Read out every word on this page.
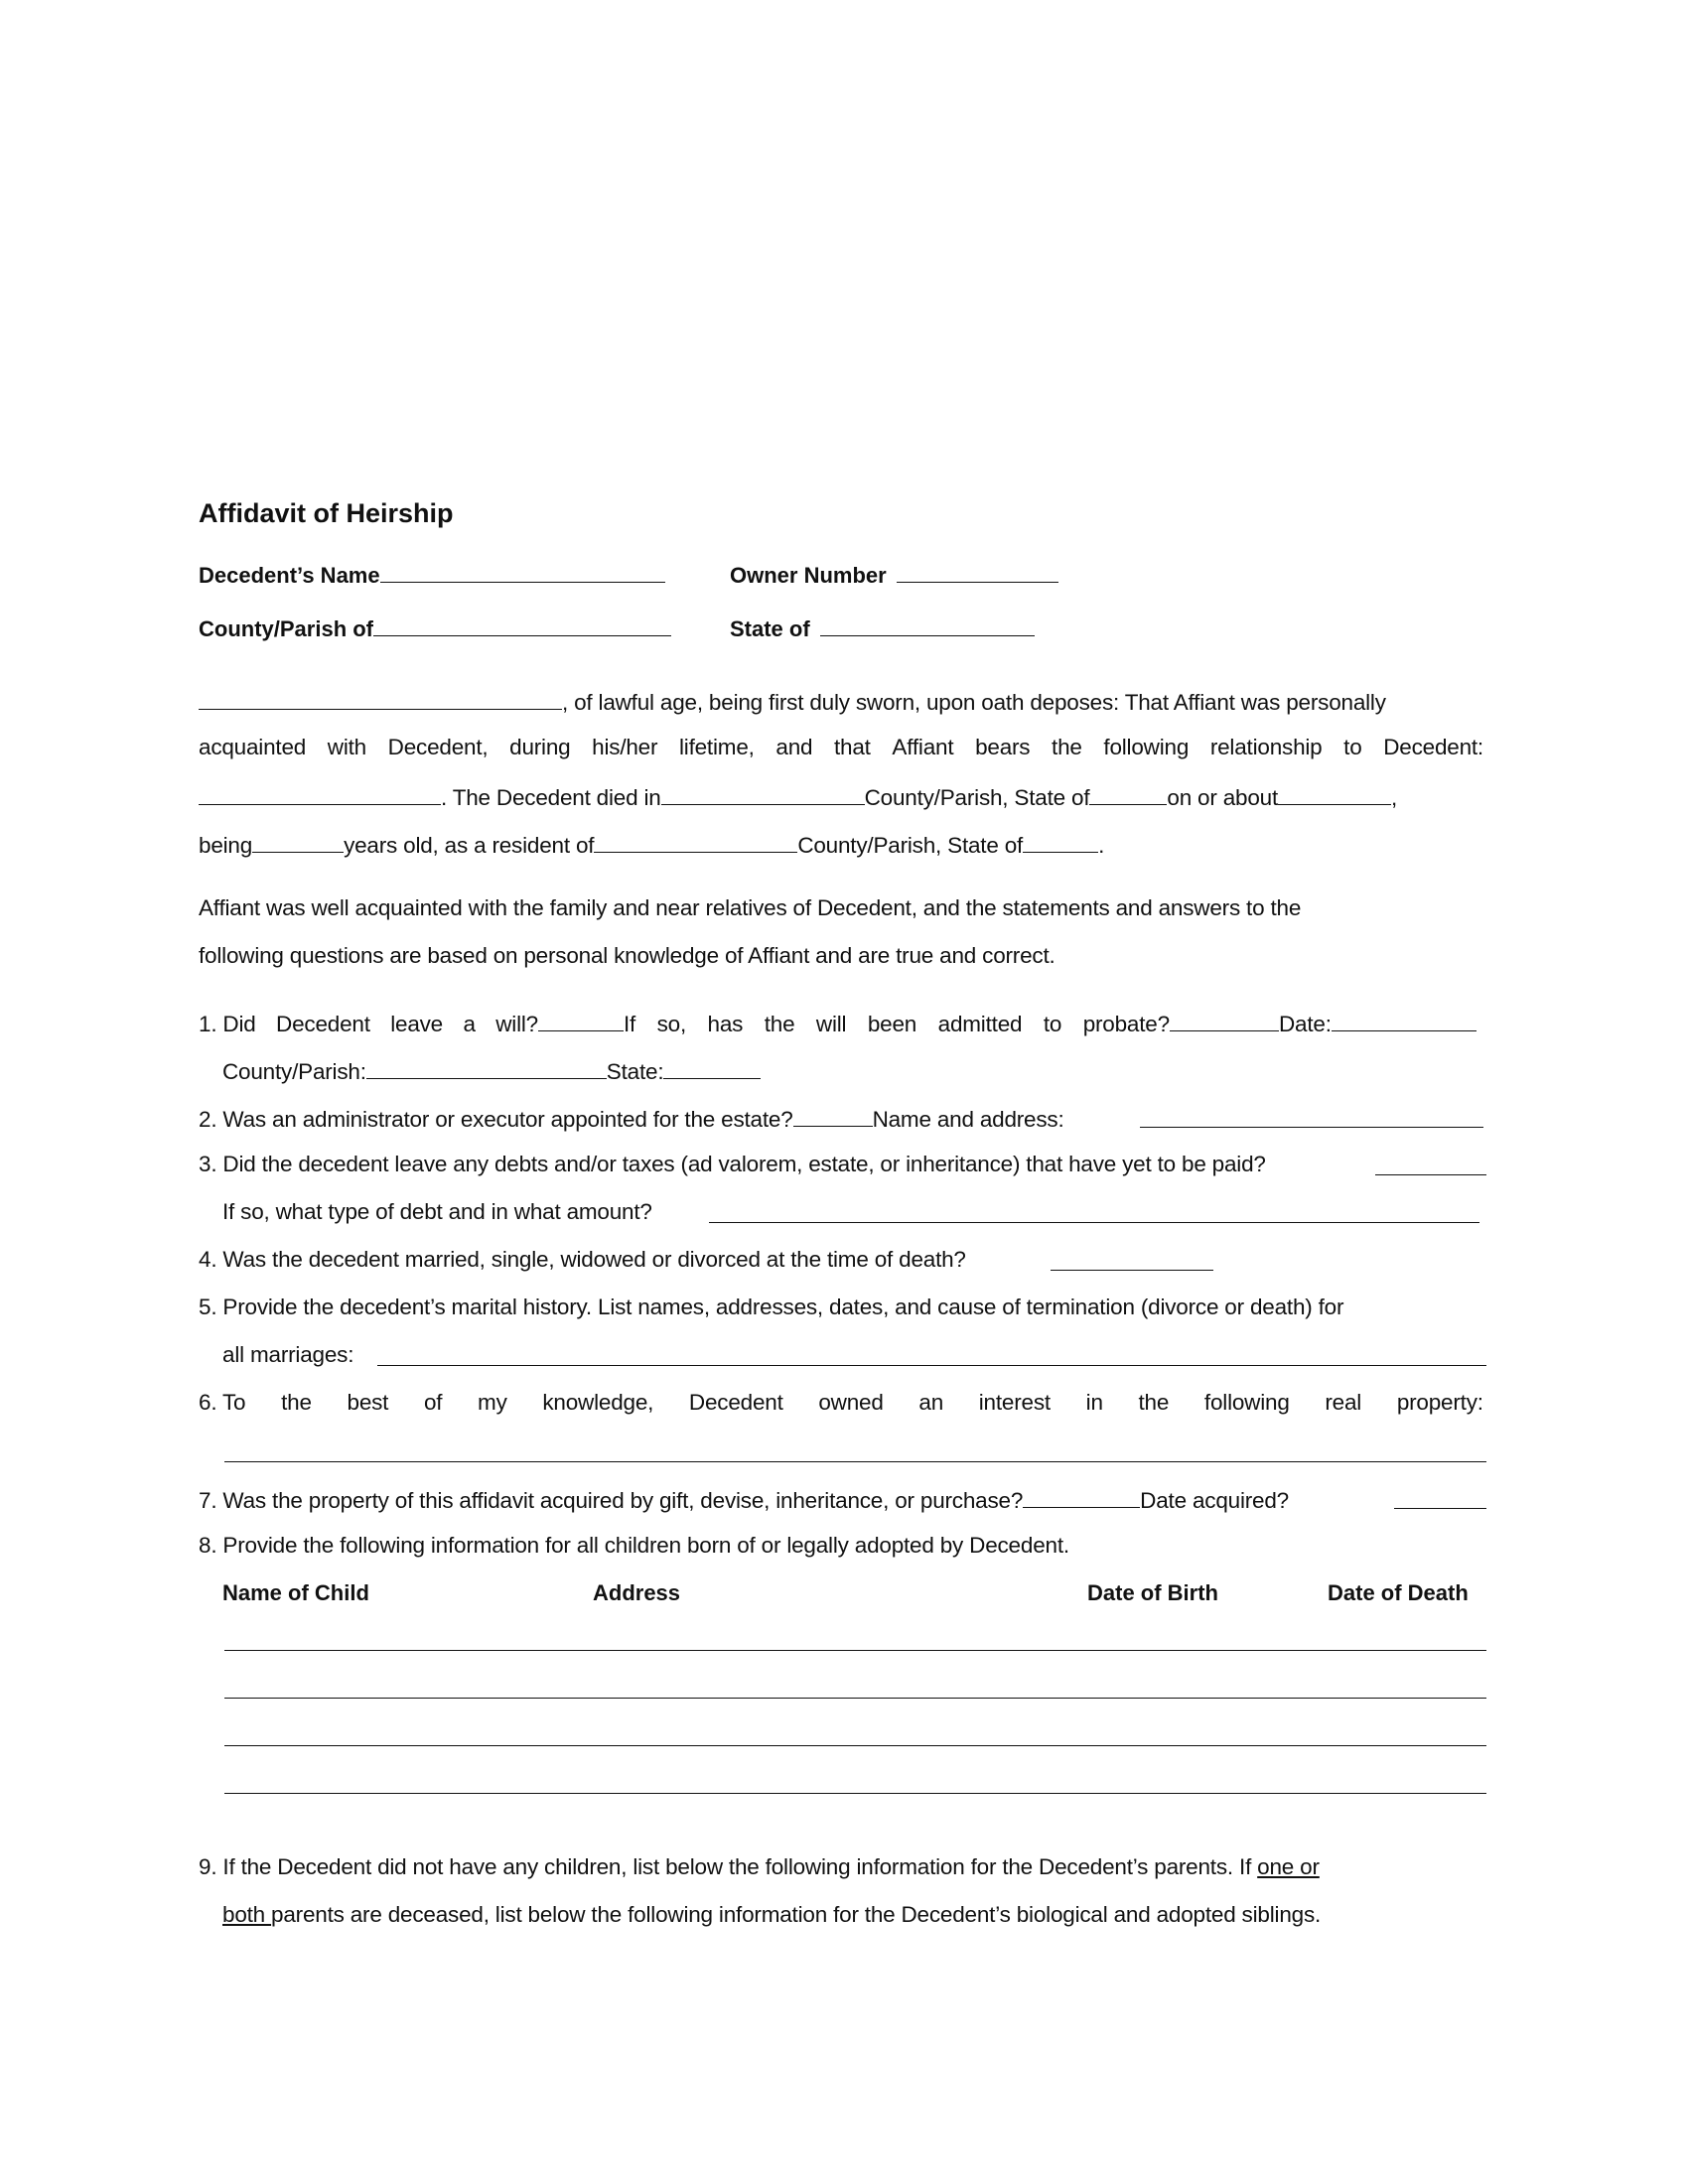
Affidavit of Heirship
Decedent’s Name	Owner Number
County/Parish of	State of
, of lawful age, being first duly sworn, upon oath deposes: That Affiant was personally
acquainted with Decedent, during his/her lifetime, and that Affiant bears the following relationship to Decedent:
. The Decedent died in	County/Parish, State of	on or about	,
being	years old, as a resident of	County/Parish, State of	.
Affiant was well acquainted with the family and near relatives of Decedent, and the statements and answers to the
following questions are based on personal knowledge of Affiant and are true and correct.
1. Did Decedent leave a will?	If so, has the will been admitted to probate?	Date:
County/Parish:	State:
2. Was an administrator or executor appointed for the estate?	Name and address:
3. Did the decedent leave any debts and/or taxes (ad valorem, estate, or inheritance) that have yet to be paid?
If so, what type of debt and in what amount?
4. Was the decedent married, single, widowed or divorced at the time of death?
5. Provide the decedent’s marital history. List names, addresses, dates, and cause of termination (divorce or death) for
all marriages:
6. To the best of my knowledge, Decedent owned an interest in the following real property:
7. Was the property of this affidavit acquired by gift, devise, inheritance, or purchase?	Date acquired?
8. Provide the following information for all children born of or legally adopted by Decedent.
Name of Child	Address	Date of Birth	Date of Death
9. If the Decedent did not have any children, list below the following information for the Decedent’s parents. If one or
both parents are deceased, list below the following information for the Decedent’s biological and adopted siblings.
